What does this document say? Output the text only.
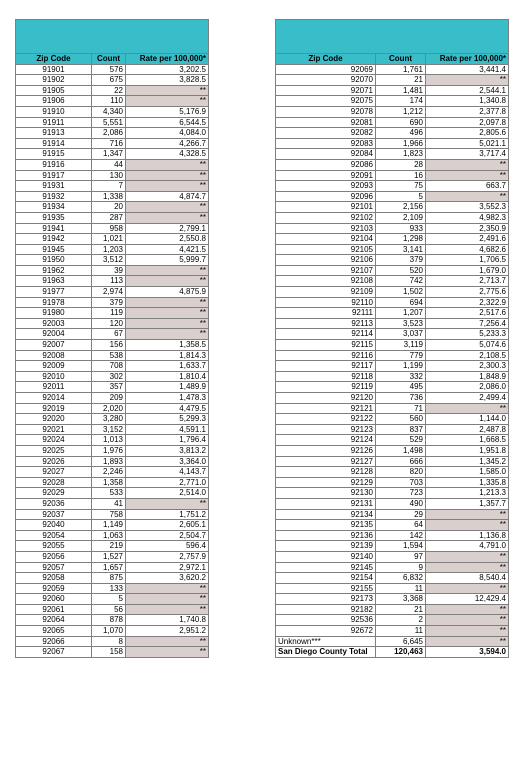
Zip Code	Count	Rate per 100,000*
91901	576	3,202.5
91902	675	3,828.5
91905	22	**
91906	110	**
91910	4,340	5,176.9
91911	5,551	6,544.5
91913	2,086	4,084.0
91914	716	4,266.7
91915	1,347	4,328.5
91916	44	**
91917	130	**
91931	7	**
91932	1,338	4,874.7
91934	20	**
91935	287	**
91941	958	2,799.1
91942	1,021	2,550.8
91945	1,203	4,421.5
91950	3,512	5,999.7
91962	39	**
91963	113	**
91977	2,974	4,875.9
91978	379	**
91980	119	**
92003	120	**
92004	67	**
92007	156	1,358.5
92008	538	1,814.3
92009	708	1,633.7
92010	302	1,810.4
92011	357	1,489.9
92014	209	1,478.3
92019	2,020	4,479.5
92020	3,280	5,299.3
92021	3,152	4,591.1
92024	1,013	1,796.4
92025	1,976	3,813.2
92026	1,893	3,364.0
92027	2,246	4,143.7
92028	1,358	2,771.0
92029	533	2,514.0
92036	41	**
92037	758	1,751.2
92040	1,149	2,605.1
92054	1,063	2,504.7
92055	219	596.4
92056	1,527	2,757.9
92057	1,657	2,972.1
92058	875	3,620.2
92059	133	**
92060	5	**
92061	56	**
92064	878	1,740.8
92065	1,070	2,951.2
92066	8	**
92067	158	**

Zip Code	Count	Rate per 100,000*
92069	1,761	3,441.4
92070	21	**
92071	1,481	2,544.1
92075	174	1,340.8
92078	1,212	2,377.8
92081	690	2,097.8
92082	496	2,805.6
92083	1,966	5,021.1
92084	1,823	3,717.4
92086	28	**
92091	16	**
92093	75	663.7
92096	5	**
92101	2,156	3,552.3
92102	2,109	4,982.3
92103	933	2,350.9
92104	1,298	2,491.6
92105	3,141	4,682.6
92106	379	1,706.5
92107	520	1,679.0
92108	742	2,713.7
92109	1,502	2,775.6
92110	694	2,322.9
92111	1,207	2,517.6
92113	3,523	7,256.4
92114	3,037	5,233.3
92115	3,119	5,074.6
92116	779	2,108.5
92117	1,199	2,300.3
92118	332	1,848.9
92119	495	2,086.0
92120	736	2,499.4
92121	71	**
92122	560	1,144.0
92123	837	2,487.8
92124	529	1,668.5
92126	1,498	1,951.8
92127	666	1,345.2
92128	820	1,585.0
92129	703	1,335.8
92130	723	1,213.3
92131	490	1,357.7
92134	29	**
92135	64	**
92136	142	1,136.8
92139	1,594	4,791.0
92140	97	**
92145	9	**
92154	6,832	8,540.4
92155	11	**
92173	3,368	12,429.4
92182	21	**
92536	2	**
92672	11	**
Unknown***	6,645	**
San Diego County Total	120,463	3,594.0
